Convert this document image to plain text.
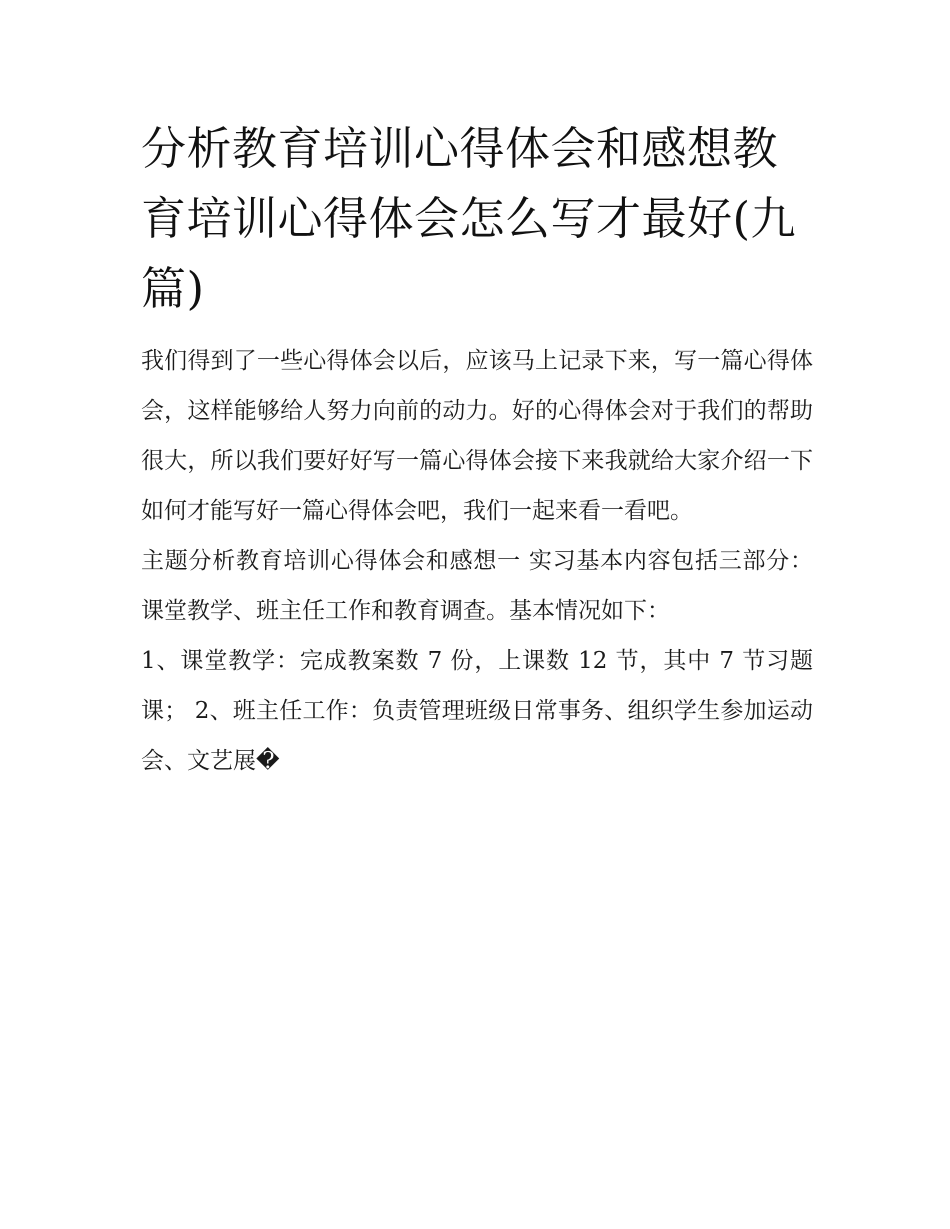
分析教育培训心得体会和感想教育培训心得体会怎么写才最好(九篇)

我们得到了一些心得体会以后，应该马上记录下来，写一篇心得体会，这样能够给人努力向前的动力。好的心得体会对于我们的帮助很大，所以我们要好好写一篇心得体会接下来我就给大家介绍一下如何才能写好一篇心得体会吧，我们一起来看一看吧。

主题分析教育培训心得体会和感想一 实习基本内容包括三部分：课堂教学、班主任工作和教育调查。基本情况如下：

1、课堂教学：完成教案数 7 份，上课数 12 节，其中 7 节习题课； 2、班主任工作：负责管理班级日常事务、组织学生参加运动会、文艺展�
